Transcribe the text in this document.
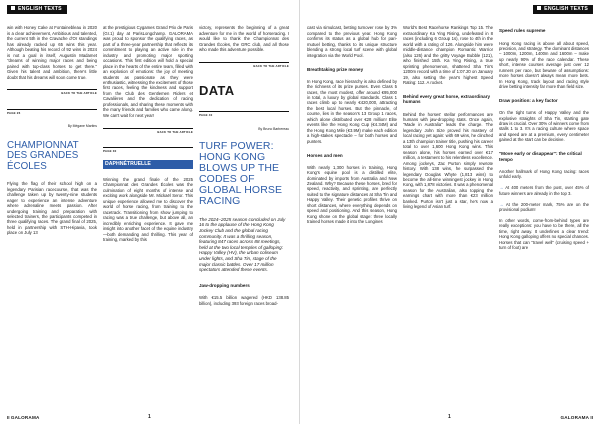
ENGLISH TEXTS

win with Honey Cake at Fontainebleau in 2020 is a clear achievement, Ambitious and talented, the current 5th in the Cravache d'Or standings has already racked up 65 wins this year. Although beating his record of 92 wins in 2024 is not a goal in itself, Augustin Madamet "dreams of winning major races and being paired with top-class horses to get there." Given his talent and ambition, there's little doubt that his dreams will soon come true.

BACK TO THE ARTICLE

PAGE 26

By Mégane Martins

CHAMPIONNAT DES GRANDES ÉCOLES

Flying the flag of their school high on a legendary Parisian racecourse, that was the challenge taken up by twenty-nine students eager to experience an intense adventure where adrenaline meets passion. After undergoing training and preparation with selected trainers, the participants competed in three qualifying races. The grand final of 2025, held in partnership with STH-Hipavia, took place on July 13

at the prestigious Cygames Grand Prix de Paris (Gr.1) day at ParisLongchamp. GALORAMA was proud to sponsor the qualifying races, as part of a three-year partnership that reflects its commitment to playing an active role in the industry and promoting major sporting occasions. This first edition will hold a special place in the hearts of the entire team, filled with an explosion of emotions: the joy of meeting students as passionate as they were enthusiastic, witnessing the excitement of those first races, feeling the kindness and support from the Club des Gentlemen Riders et Cavalières and the dedication of racing professionals, and sharing these moments with the many friends and families who came along. We can't wait for next year!

BACK TO THE ARTICLE

PAGE 30

DAPHNÉTRUELLE

Winning the grand finale of the 2025 Championnat des Grandes Écoles was the culmination of eight months of intense and exciting work alongside Mr. Mickaël Seror. This unique experience allowed me to discover the world of horse racing, from training to the racetrack. Transitioning from show jumping to racing was a true challenge, but above all, an incredibly enriching experience. It gave me insight into another facet of the equine industry—both demanding and thrilling. This year of training, marked by this

victory, represents the beginning of a great adventure for me in the world of horseracing. I would like to thank the Championnat des Grandes Écoles, the GRC club, and all those who made this adventure possible.

BACK TO THE ARTICLE

DATA

PAGE 40

By Bruno Barbereau

TURF POWER: HONG KONG BLOWS UP THE CODES OF GLOBAL HORSE RACING

The 2024–2025 season concluded on July 16 to the applause of the Hong Kong Jockey Club and the global racing community. It was a thrilling season, featuring 847 races across 88 meetings, held at the two local temples of galloping: Happy Valley (HV), the urban coliseum under lights, and Sha Tin, stage of the major classic battles. Over 17 million spectators attended these events.

Jaw-dropping numbers

With €15.5 billion wagered (HKD 138.85 billion), including 393 foreign races broad-

II GALORAMA	1
ENGLISH TEXTS

cast via simulcast, betting turnover rose by 3% compared to the previous year. Hong Kong confirms its status as a global hub for pari-mutuel betting, thanks to its unique structure blending a strong local turf scene with global integration via the World Pool.

Breathtaking prize money

In Hong Kong, race hierarchy is also defined by the richness of its prize purses. Even Class 5 races, the most modest, offer around €95,000 in total, a luxury by global standards. Class 1 races climb up to nearly €420,000, attracting the best local horses. But the pinnacle, of course, lies in the season's 13 Group 1 races, which alone distributed over €28 million! Elite events like the Hong Kong Cup (€4.34M) and the Hong Kong Mile (€3.9M) make each edition a high-stakes spectacle – for both horses and punters.

Horses and men

With nearly 1,300 horses in training, Hong Kong's equine pool is a distilled elite, dominated by imports from Australia and New Zealand. Why? Because these horses, bred for speed, reactivity, and sprinting, are perfectly suited to the signature distances at Sha Tin and Happy Valley. Their genetic profiles thrive on short distances, where everything depends on speed and positioning. And this season, Hong Kong shone on the global stage: three locally trained horses made it into the Longines

World's Best Racehorse Rankings Top 15. The extraordinary Ka Ying Rising, undefeated in 8 races (including 6 Group 1s), rose to 4th in the world with a rating of 126. Alongside him were middle-distance champion Romantic Warrior (also 126) and the gritty Voyage Bubble (121), who finished 15th. Ka Ying Rising, a true sprinting phenomenon, shattered Sha Tin's 1200m record with a time of 1:07.20 on January 19, also setting the year's highest Speed Rating: 112. A rocket.

Behind every great horse, extraordinary humans

Behind the horses' stellar performances are humans with jaw-dropping stats. Once again, "Made in Australia" leads the charge. The legendary John Size proved his mastery of local racing yet again: with 69 wins, he clinched a 13th champion trainer title, pushing his career total to over 1,600 Hong Kong wins. This season alone, his horses earned over €17 million, a testament to his relentless excellence. Among jockeys, Zac Purton simply rewrote history. With 138 wins, he surpassed the legendary Douglas Whyte (1,813 wins) to become the all-time winningest jockey in Hong Kong, with 1,878 victories. It was a phenomenal season for the Australian, also topping the earnings chart with more than €23 million banked. Purton isn't just a star, he's now a living legend of Asian turf.

Speed rules supreme

Hong Kong racing is above all about speed, precision, and strategy. The dominant distances – 1000m, 1200m, 1400m and 1600m – make up nearly 90% of the race calendar. These short, intense courses average just over 12 runners per race, but beware of assumptions: more horses doesn't always mean more bets. In Hong Kong, track layout and racing style drive betting intensity far more than field size.

Draw position: a key factor

On the tight turns of Happy Valley and the explosive straights of Sha Tin, starting gate draw is crucial. Over 30% of winners come from stalls 1 to 3. It's a racing culture where space and speed are at a premium, every centimeter gained at the start can be decisive.

"Move early or disappear": the critical tempo

Another hallmark of Hong Kong racing: races unfold early.

→ At 400 meters from the post, over 45% of future winners are already in the top 3.

→ At the 200-meter mark, 75% are on the provisional podium!

In other words, come-from-behind types are really exceptions: you have to be there, all the time, right away. It underlines a clear trend: Hong Kong galloping offers no special chances. Horses that can "travel well" (cruising speed + turn of foot) are

1	GALORAMA II
